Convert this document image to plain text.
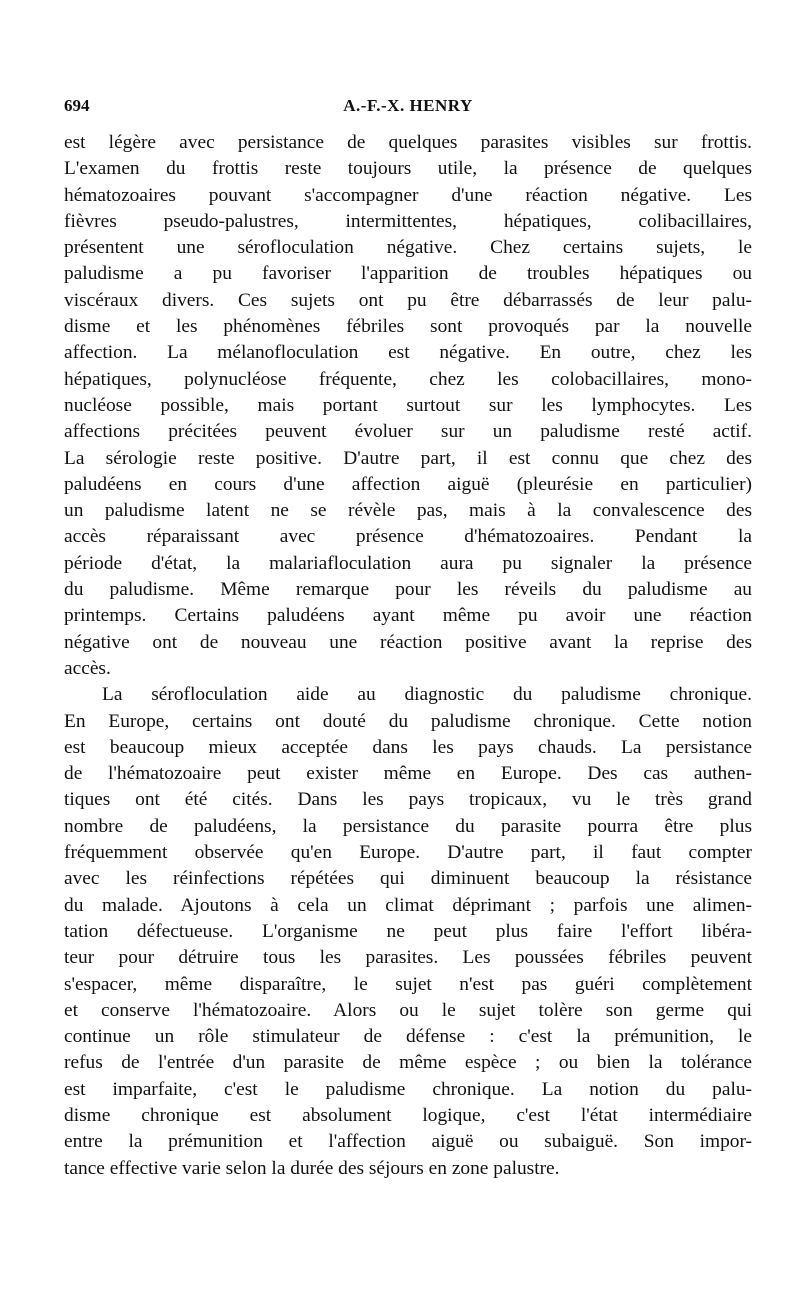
694	A.-F.-X. HENRY

est légère avec persistance de quelques parasites visibles sur frottis.
L'examen du frottis reste toujours utile, la présence de quelques
hématozoaires pouvant s'accompagner d'une réaction négative. Les
fièvres pseudo-palustres, intermittentes, hépatiques, colibacillaires,
présentent une sérofloculation négative. Chez certains sujets, le
paludisme a pu favoriser l'apparition de troubles hépatiques ou
viscéraux divers. Ces sujets ont pu être débarrassés de leur palu-
disme et les phénomènes fébriles sont provoqués par la nouvelle
affection. La mélanofloculation est négative. En outre, chez les
hépatiques, polynucléose fréquente, chez les colobacillaires, mono-
nucléose possible, mais portant surtout sur les lymphocytes. Les
affections précitées peuvent évoluer sur un paludisme resté actif.
La sérologie reste positive. D'autre part, il est connu que chez des
paludéens en cours d'une affection aiguë (pleurésie en particulier)
un paludisme latent ne se révèle pas, mais à la convalescence des
accès réparaissant avec présence d'hématozoaires. Pendant la
période d'état, la malariafloculation aura pu signaler la présence
du paludisme. Même remarque pour les réveils du paludisme au
printemps. Certains paludéens ayant même pu avoir une réaction
négative ont de nouveau une réaction positive avant la reprise des
accès.

La sérofloculation aide au diagnostic du paludisme chronique.
En Europe, certains ont douté du paludisme chronique. Cette notion
est beaucoup mieux acceptée dans les pays chauds. La persistance
de l'hématozoaire peut exister même en Europe. Des cas authen-
tiques ont été cités. Dans les pays tropicaux, vu le très grand
nombre de paludéens, la persistance du parasite pourra être plus
fréquemment observée qu'en Europe. D'autre part, il faut compter
avec les réinfections répétées qui diminuent beaucoup la résistance
du malade. Ajoutons à cela un climat déprimant ; parfois une alimen-
tation défectueuse. L'organisme ne peut plus faire l'effort libéra-
teur pour détruire tous les parasites. Les poussées fébriles peuvent
s'espacer, même disparaître, le sujet n'est pas guéri complètement
et conserve l'hématozoaire. Alors ou le sujet tolère son germe qui
continue un rôle stimulateur de défense : c'est la prémunition, le
refus de l'entrée d'un parasite de même espèce ; ou bien la tolérance
est imparfaite, c'est le paludisme chronique. La notion du palu-
disme chronique est absolument logique, c'est l'état intermédiaire
entre la prémunition et l'affection aiguë ou subaiguë. Son impor-
tance effective varie selon la durée des séjours en zone palustre.
